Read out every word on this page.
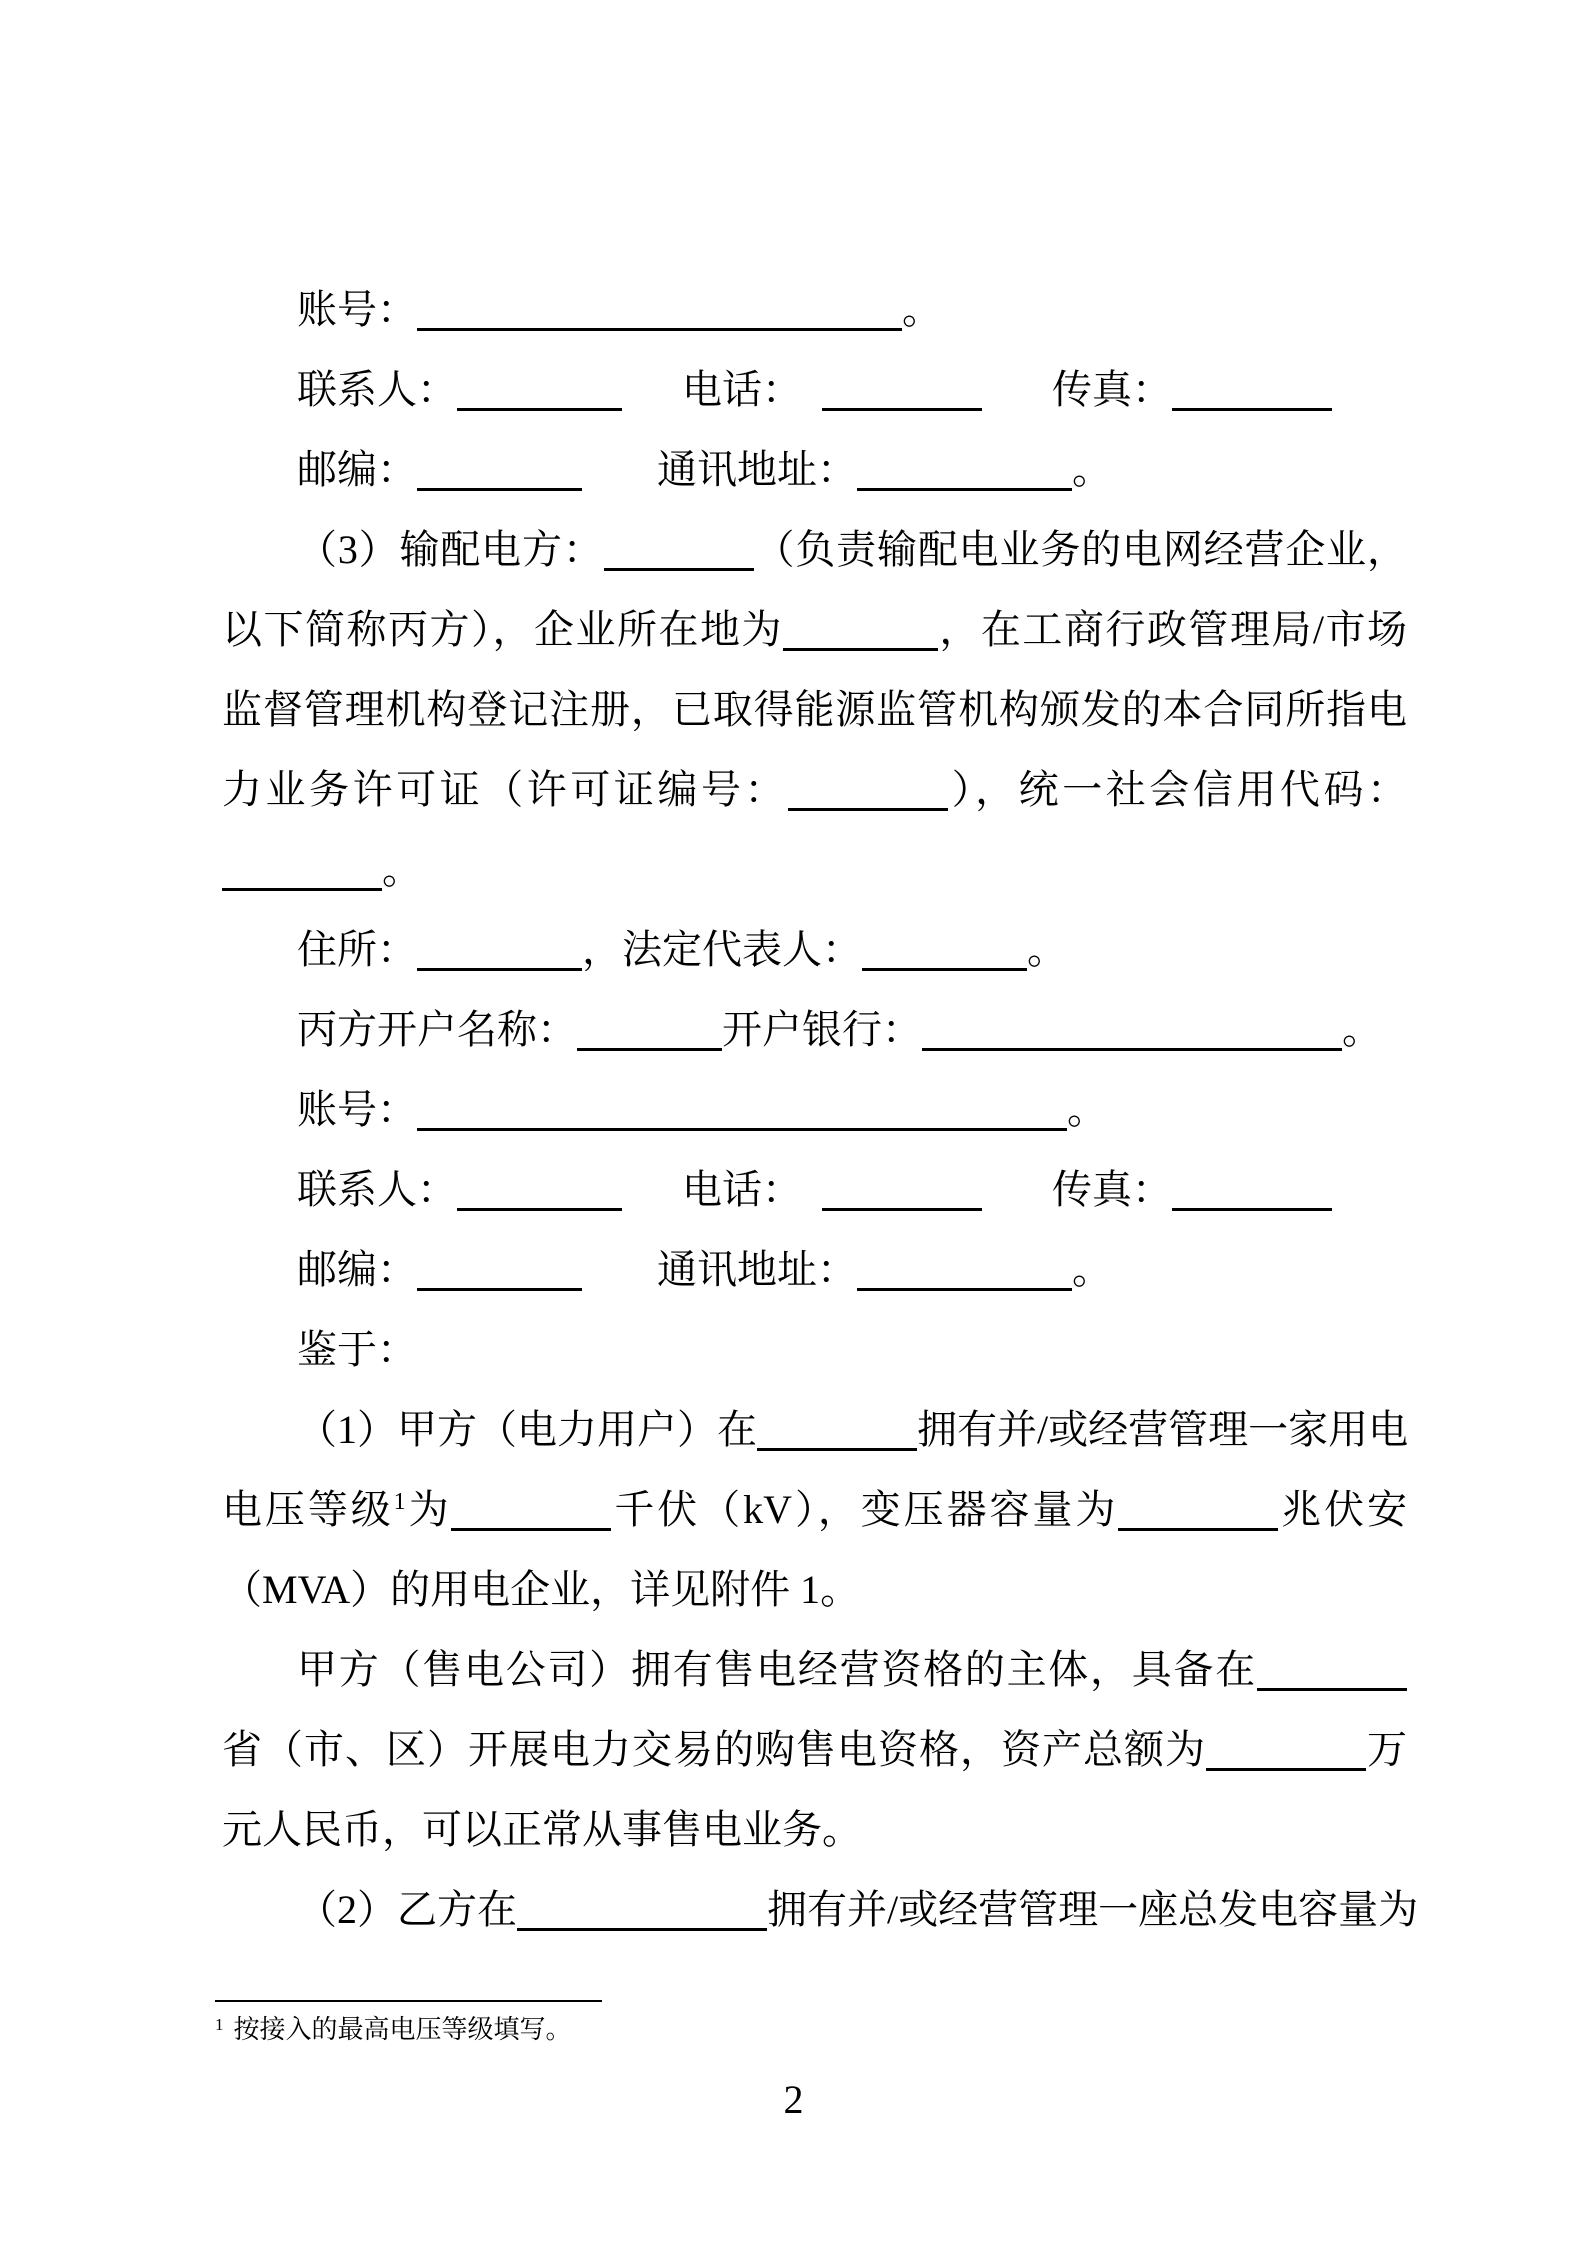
账号：	。
联系人：	电话：	传真：
邮编：	通讯地址：	。
（3）输配电方：	（负责输配电业务的电网经营企业，
以下简称丙方），企业所在地为	，在工商行政管理局/市场
监督管理机构登记注册，已取得能源监管机构颁发的本合同所指电
力业务许可证（许可证编号：	），统一社会信用代码：
。
住所：	，法定代表人：	。
丙方开户名称：	开户银行：	。
账号：	。
联系人：	电话：	传真：
邮编：	通讯地址：	。
鉴于：
（1）甲方（电力用户）在	拥有并/或经营管理一家用电
电压等级$^1$为	千伏（kV），变压器容量为	兆伏安
（MVA）的用电企业，详见附件 1。
甲方（售电公司）拥有售电经营资格的主体，具备在
省（市、区）开展电力交易的购售电资格，资产总额为	万
元人民币，可以正常从事售电业务。
（2）乙方在	拥有并/或经营管理一座总发电容量为
$^1$ 按接入的最高电压等级填写。
2
